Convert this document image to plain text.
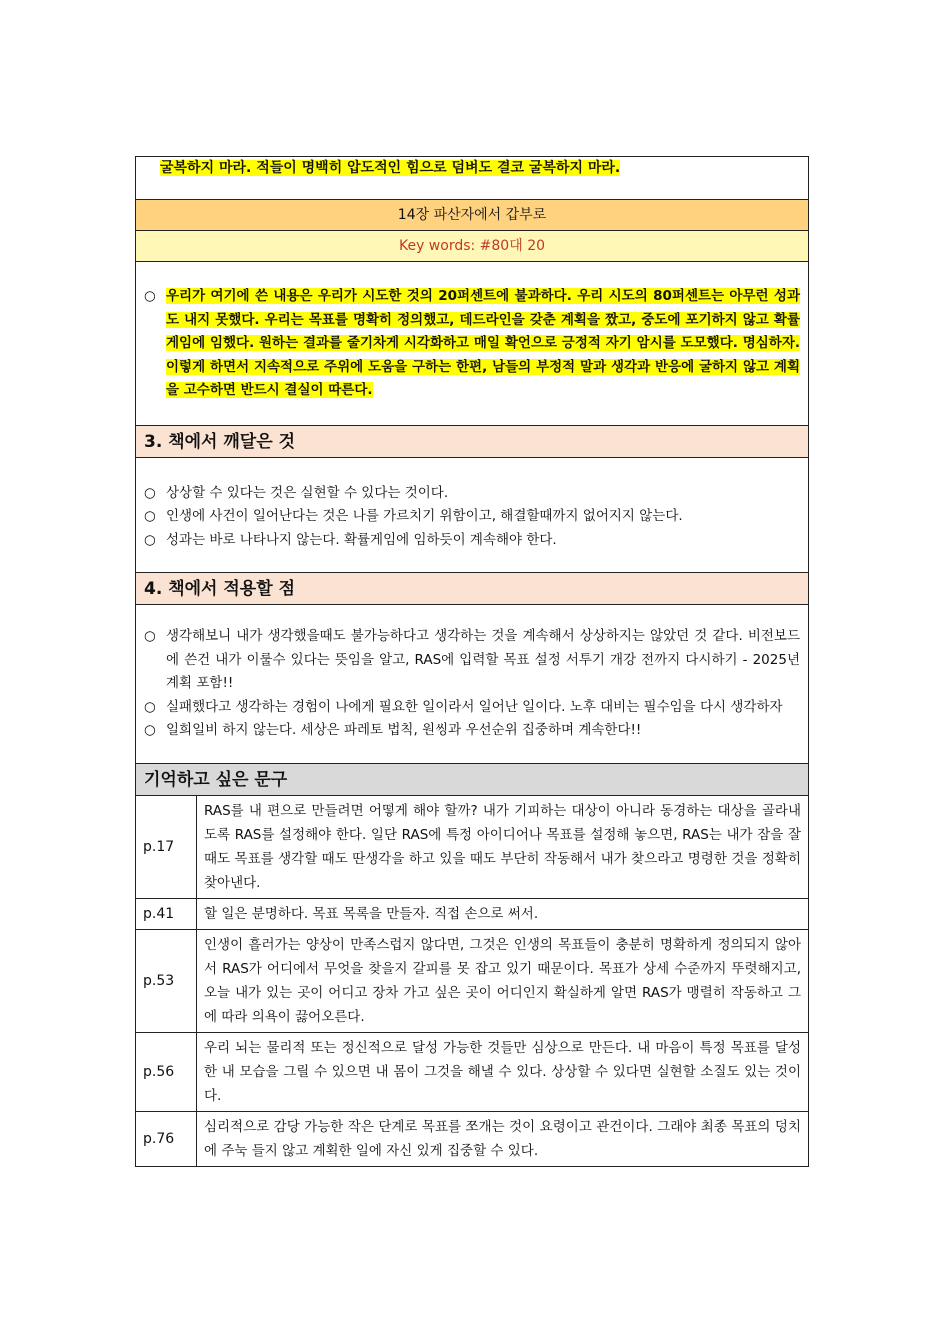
굴복하지 마라. 적들이 명백히 압도적인 힘으로 덤벼도 결코 굴복하지 마라.
14장 파산자에서 갑부로
Key words: #80대 20
○ 우리가 여기에 쓴 내용은 우리가 시도한 것의 20퍼센트에 불과하다. 우리 시도의 80퍼센트는 아무런 성과도 내지 못했다. 우리는 목표를 명확히 정의했고, 데드라인을 갖춘 계획을 짰고, 중도에 포기하지 않고 확률게임에 임했다. 원하는 결과를 줄기차게 시각화하고 매일 확언으로 긍정적 자기 암시를 도모했다. 명심하자. 이렇게 하면서 지속적으로 주위에 도움을 구하는 한편, 남들의 부정적 말과 생각과 반응에 굴하지 않고 계획을 고수하면 반드시 결실이 따른다.
3. 책에서 깨달은 것
○ 상상할 수 있다는 것은 실현할 수 있다는 것이다.
○ 인생에 사건이 일어난다는 것은 나를 가르치기 위함이고, 해결할때까지 없어지지 않는다.
○ 성과는 바로 나타나지 않는다. 확률게임에 임하듯이 계속해야 한다.
4. 책에서 적용할 점
○ 생각해보니 내가 생각했을때도 불가능하다고 생각하는 것을 계속해서 상상하지는 않았던 것 같다. 비전보드에 쓴건 내가 이룰수 있다는 뜻임을 알고, RAS에 입력할 목표 설정 서투기 개강 전까지 다시하기 - 2025년 계획 포함!!
○ 실패했다고 생각하는 경험이 나에게 필요한 일이라서 일어난 일이다. 노후 대비는 필수임을 다시 생각하자
○ 일희일비 하지 않는다. 세상은 파레토 법칙, 원씽과 우선순위 집중하며 계속한다!!
기억하고 싶은 문구
p.17
RAS를 내 편으로 만들려면 어떻게 해야 할까? 내가 기피하는 대상이 아니라 동경하는 대상을 골라내도록 RAS를 설정해야 한다. 일단 RAS에 특정 아이디어나 목표를 설정해 놓으면, RAS는 내가 잠을 잘 때도 목표를 생각할 때도 딴생각을 하고 있을 때도 부단히 작동해서 내가 찾으라고 명령한 것을 정확히 찾아낸다.
p.41	할 일은 분명하다. 목표 목록을 만들자. 직접 손으로 써서.
p.53
인생이 흘러가는 양상이 만족스럽지 않다면, 그것은 인생의 목표들이 충분히 명확하게 정의되지 않아서 RAS가 어디에서 무엇을 찾을지 갈피를 못 잡고 있기 때문이다. 목표가 상세 수준까지 뚜렷해지고, 오늘 내가 있는 곳이 어디고 장차 가고 싶은 곳이 어디인지 확실하게 알면 RAS가 맹렬히 작동하고 그에 따라 의욕이 끓어오른다.
p.56
우리 뇌는 물리적 또는 정신적으로 달성 가능한 것들만 심상으로 만든다. 내 마음이 특정 목표를 달성한 내 모습을 그릴 수 있으면 내 몸이 그것을 해낼 수 있다. 상상할 수 있다면 실현할 소질도 있는 것이다.
p.76
심리적으로 감당 가능한 작은 단계로 목표를 쪼개는 것이 요령이고 관건이다. 그래야 최종 목표의 덩치에 주눅 들지 않고 계획한 일에 자신 있게 집중할 수 있다.
